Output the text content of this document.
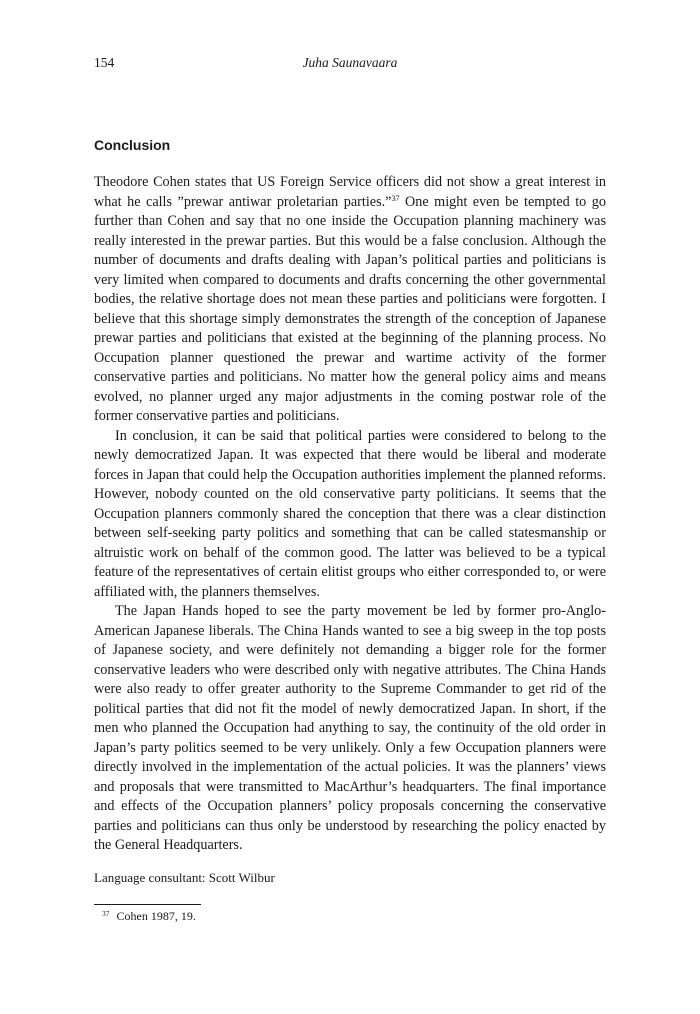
154	Juha Saunavaara
Conclusion

Theodore Cohen states that US Foreign Service officers did not show a great interest in what he calls ”prewar antiwar proletarian parties.”$^{37}$ One might even be tempted to go further than Cohen and say that no one inside the Occupation planning machinery was really interested in the prewar parties. But this would be a false conclusion. Although the number of documents and drafts dealing with Japan’s political parties and politicians is very limited when compared to documents and drafts concerning the other governmental bodies, the relative shortage does not mean these parties and politicians were forgotten. I believe that this shortage simply demonstrates the strength of the conception of Japanese prewar parties and politicians that existed at the beginning of the planning process. No Occupation planner questioned the prewar and wartime activity of the former conservative parties and politicians. No matter how the general policy aims and means evolved, no planner urged any major adjustments in the coming postwar role of the former conservative parties and politicians.

In conclusion, it can be said that political parties were considered to belong to the newly democratized Japan. It was expected that there would be liberal and moderate forces in Japan that could help the Occupation authorities implement the planned reforms. However, nobody counted on the old conservative party politicians. It seems that the Occupation planners commonly shared the conception that there was a clear distinction between self-seeking party politics and something that can be called statesmanship or altruistic work on behalf of the common good. The latter was believed to be a typical feature of the representatives of certain elitist groups who either corresponded to, or were affiliated with, the planners themselves.

The Japan Hands hoped to see the party movement be led by former pro-Anglo-American Japanese liberals. The China Hands wanted to see a big sweep in the top posts of Japanese society, and were definitely not demanding a bigger role for the former conservative leaders who were described only with negative attributes. The China Hands were also ready to offer greater authority to the Supreme Commander to get rid of the political parties that did not fit the model of newly democratized Japan. In short, if the men who planned the Occupation had anything to say, the continuity of the old order in Japan’s party politics seemed to be very unlikely. Only a few Occupation planners were directly involved in the implementation of the actual policies. It was the planners’ views and proposals that were transmitted to MacArthur’s headquarters. The final importance and effects of the Occupation planners’ policy proposals concerning the conservative parties and politicians can thus only be understood by researching the policy enacted by the General Headquarters.

Language consultant: Scott Wilbur
$^{37}$ Cohen 1987, 19.
